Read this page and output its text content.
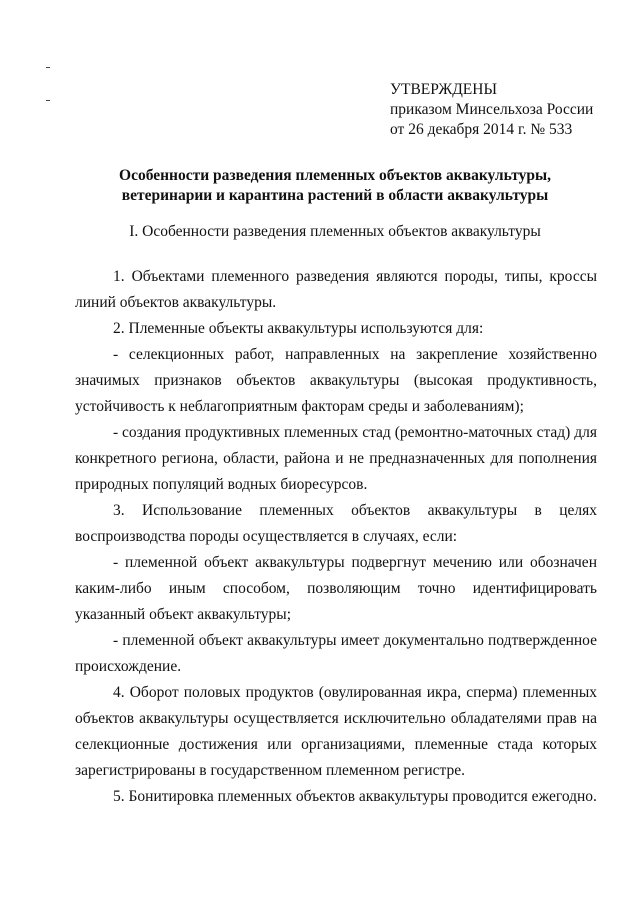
УТВЕРЖДЕНЫ
приказом Минсельхоза России
от 26 декабря 2014 г. № 533
Особенности разведения племенных объектов аквакультуры,
ветеринарии и карантина растений в области аквакультуры
I. Особенности разведения племенных объектов аквакультуры

1. Объектами племенного разведения являются породы, типы, кроссы линий объектов аквакультуры.

2. Племенные объекты аквакультуры используются для:

- селекционных работ, направленных на закрепление хозяйственно значимых признаков объектов аквакультуры (высокая продуктивность, устойчивость к неблагоприятным факторам среды и заболеваниям);

- создания продуктивных племенных стад (ремонтно-маточных стад) для конкретного региона, области, района и не предназначенных для пополнения природных популяций водных биоресурсов.

3. Использование племенных объектов аквакультуры в целях воспроизводства породы осуществляется в случаях, если:

- племенной объект аквакультуры подвергнут мечению или обозначен каким-либо иным способом, позволяющим точно идентифицировать указанный объект аквакультуры;

- племенной объект аквакультуры имеет документально подтвержденное происхождение.

4. Оборот половых продуктов (овулированная икра, сперма) племенных объектов аквакультуры осуществляется исключительно обладателями прав на селекционные достижения или организациями, племенные стада которых зарегистрированы в государственном племенном регистре.

5. Бонитировка племенных объектов аквакультуры проводится ежегодно.
